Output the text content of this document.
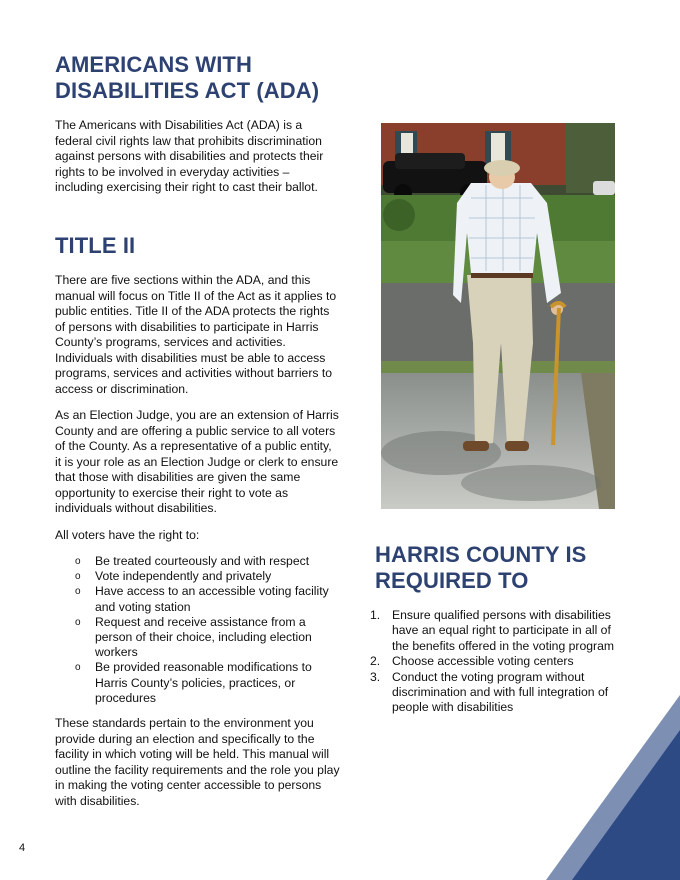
AMERICANS WITH
DISABILITIES ACT (ADA)

The Americans with Disabilities Act (ADA) is a federal civil rights law that prohibits discrimination against persons with disabilities and protects their rights to be involved in everyday activities – including exercising their right to cast their ballot.

TITLE II

There are five sections within the ADA, and this manual will focus on Title II of the Act as it applies to public entities. Title II of the ADA protects the rights of persons with disabilities to participate in Harris County’s programs, services and activities. Individuals with disabilities must be able to access programs, services and activities without barriers to access or discrimination.

As an Election Judge, you are an extension of Harris County and are offering a public service to all voters of the County. As a representative of a public entity, it is your role as an Election Judge or clerk to ensure that those with disabilities are given the same opportunity to exercise their right to vote as individuals without disabilities.

All voters have the right to:

o Be treated courteously and with respect
o Vote independently and privately
o Have access to an accessible voting facility and voting station
o Request and receive assistance from a person of their choice, including election workers
o Be provided reasonable modifications to Harris County’s policies, practices, or procedures

These standards pertain to the environment you provide during an election and specifically to the facility in which voting will be held. This manual will outline the facility requirements and the role you play in making the voting center accessible to persons with disabilities.

HARRIS COUNTY IS
REQUIRED TO
1. Ensure qualified persons with disabilities have an equal right to participate in all of the benefits offered in the voting program
2. Choose accessible voting centers
3. Conduct the voting program without discrimination and with full integration of people with disabilities
4
